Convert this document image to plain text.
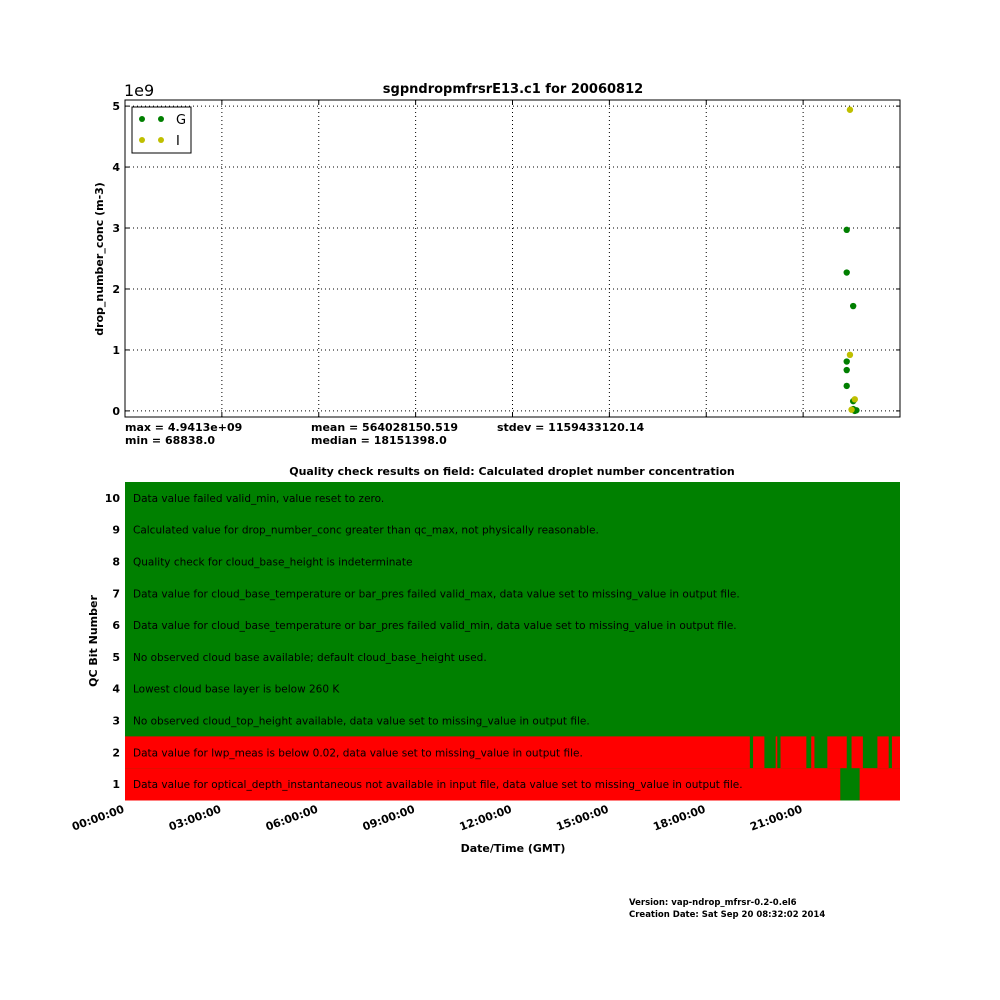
sgpndropmfrsrE13.c1 for 20060812
1e9
0
1
2
3
4
5
drop_number_conc (m-3)
G
I
Quality check results on field: Calculated droplet number concentration
10 Data value failed valid_min, value reset to zero.
9 Calculated value for drop_number_conc greater than qc_max, not physically reasonable.
8 Quality check for cloud_base_height is indeterminate
7 Data value for cloud_base_temperature or bar_pres failed valid_max, data value set to missing_value in output file.
6 Data value for cloud_base_temperature or bar_pres failed valid_min, data value set to missing_value in output file.
5 No observed cloud base available; default cloud_base_height used.
4 Lowest cloud base layer is below 260 K
3 No observed cloud_top_height available, data value set to missing_value in output file.
2 Data value for lwp_meas is below 0.02, data value set to missing_value in output file.
1 Data value for optical_depth_instantaneous not available in input file, data value set to missing_value in output file.
00:00:00	03:00:00	06:00:00	09:00:00	12:00:00	15:00:00	18:00:00	21:00:00
QC Bit Number
Date/Time (GMT)
max = 4.9413e+09
min = 68838.0
mean = 564028150.519
median = 18151398.0
stdev = 1159433120.14
Version: vap-ndrop_mfrsr-0.2-0.el6
Creation Date: Sat Sep 20 08:32:02 2014
